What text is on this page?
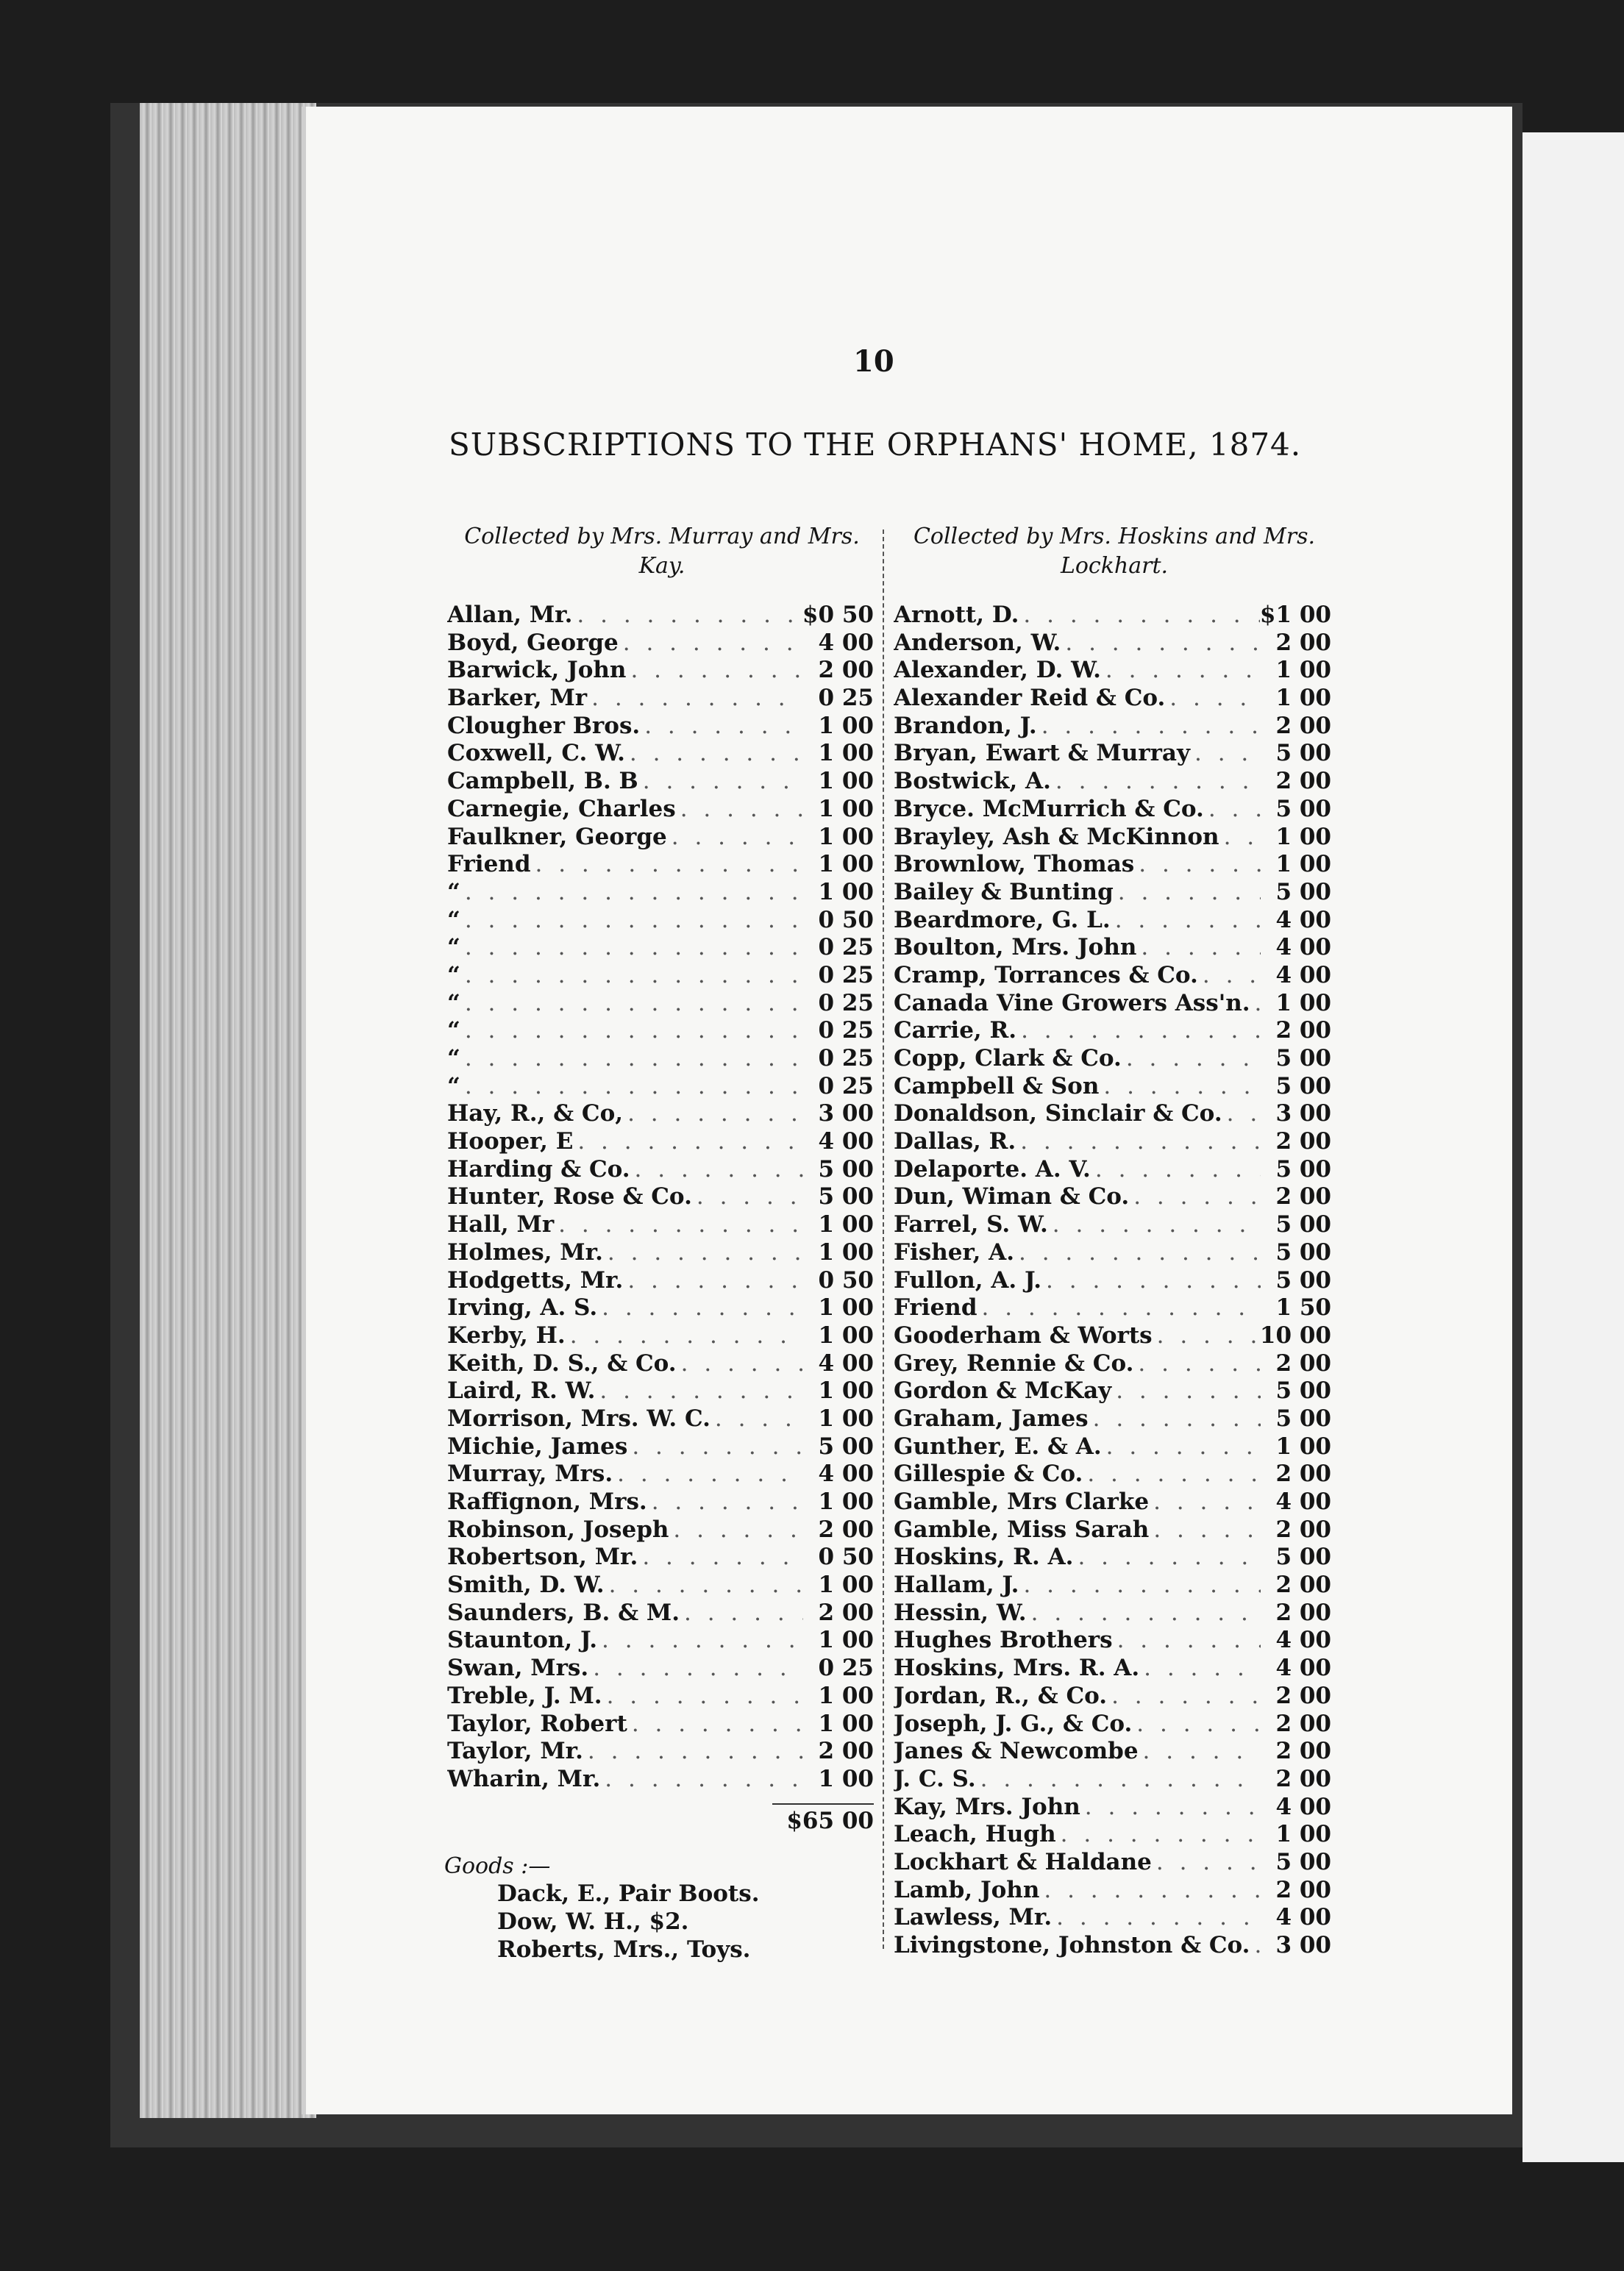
10
SUBSCRIPTIONS TO THE ORPHANS' HOME, 1874.
Collected by Mrs. Murray and Mrs. Kay.
Collected by Mrs. Hoskins and Mrs. Lockhart.
Allan, Mr. . . .	$0 50
Boyd, George . . .	4 00
Barwick, John . . .	2 00
Barker, Mr . . .	0 25
Clougher Bros. . . .	1 00
Coxwell, C. W. . . .	1 00
Campbell, B. B . . .	1 00
Carnegie, Charles . . .	1 00
Faulkner, George . . .	1 00
Friend . . .	1 00
“ . . .	1 00
“ . . .	0 50
“ . . .	0 25
“ . . .	0 25
“ . . .	0 25
“ . . .	0 25
“ . . .	0 25
“ . . .	0 25
Hay, R., & Co, . . .	3 00
Hooper, E . . .	4 00
Harding & Co. . . .	5 00
Hunter, Rose & Co. . . .	5 00
Hall, Mr . . .	1 00
Holmes, Mr. . . .	1 00
Hodgetts, Mr. . . .	0 50
Irving, A. S. . . .	1 00
Kerby, H. . . .	1 00
Keith, D. S., & Co. . . .	4 00
Laird, R. W. . . .	1 00
Morrison, Mrs. W. C. . . .	1 00
Michie, James . . .	5 00
Murray, Mrs. . . .	4 00
Raffignon, Mrs. . . .	1 00
Robinson, Joseph . . .	2 00
Robertson, Mr. . . .	0 50
Smith, D. W. . . .	1 00
Saunders, B. & M. . . .	2 00
Staunton, J. . . .	1 00
Swan, Mrs. . . .	0 25
Treble, J. M. . . .	1 00
Taylor, Robert . . .	1 00
Taylor, Mr. . . .	2 00
Wharin, Mr. . . .	1 00
Arnott, D. . . .	$1 00
Anderson, W. . . .	2 00
Alexander, D. W. . . .	1 00
Alexander Reid & Co. . . .	1 00
Brandon, J. . . .	2 00
Bryan, Ewart & Murray . . .	5 00
Bostwick, A. . . .	2 00
Bryce. McMurrich & Co. . . .	5 00
Brayley, Ash & McKinnon . . .	1 00
Brownlow, Thomas . . .	1 00
Bailey & Bunting . . .	5 00
Beardmore, G. L. . . .	4 00
Boulton, Mrs. John . . .	4 00
Cramp, Torrances & Co. . . .	4 00
Canada Vine Growers Ass'n. . . .	1 00
Carrie, R. . . .	2 00
Copp, Clark & Co. . . .	5 00
Campbell & Son . . .	5 00
Donaldson, Sinclair & Co. . . .	3 00
Dallas, R. . . .	2 00
Delaporte. A. V. . . .	5 00
Dun, Wiman & Co. . . .	2 00
Farrel, S. W. . . .	5 00
Fisher, A. . . .	5 00
Fullon, A. J. . . .	5 00
Friend . . .	1 50
Gooderham & Worts . . .	10 00
Grey, Rennie & Co. . . .	2 00
Gordon & McKay . . .	5 00
Graham, James . . .	5 00
Gunther, E. & A. . . .	1 00
Gillespie & Co. . . .	2 00
Gamble, Mrs Clarke . . .	4 00
Gamble, Miss Sarah . . .	2 00
Hoskins, R. A. . . .	5 00
Hallam, J. . . .	2 00
Hessin, W. . . .	2 00
Hughes Brothers . . .	4 00
Hoskins, Mrs. R. A. . . .	4 00
Jordan, R., & Co. . . .	2 00
Joseph, J. G., & Co. . . .	2 00
Janes & Newcombe . . .	2 00
J. C. S. . . .	2 00
Kay, Mrs. John . . .	4 00
Leach, Hugh . . .	1 00
Lockhart & Haldane . . .	5 00
Lamb, John . . .	2 00
Lawless, Mr. . . .	4 00
Livingstone, Johnston & Co. . . .	3 00
$65 00
Goods :—
Dack, E., Pair Boots.
Dow, W. H., $2.
Roberts, Mrs., Toys.
